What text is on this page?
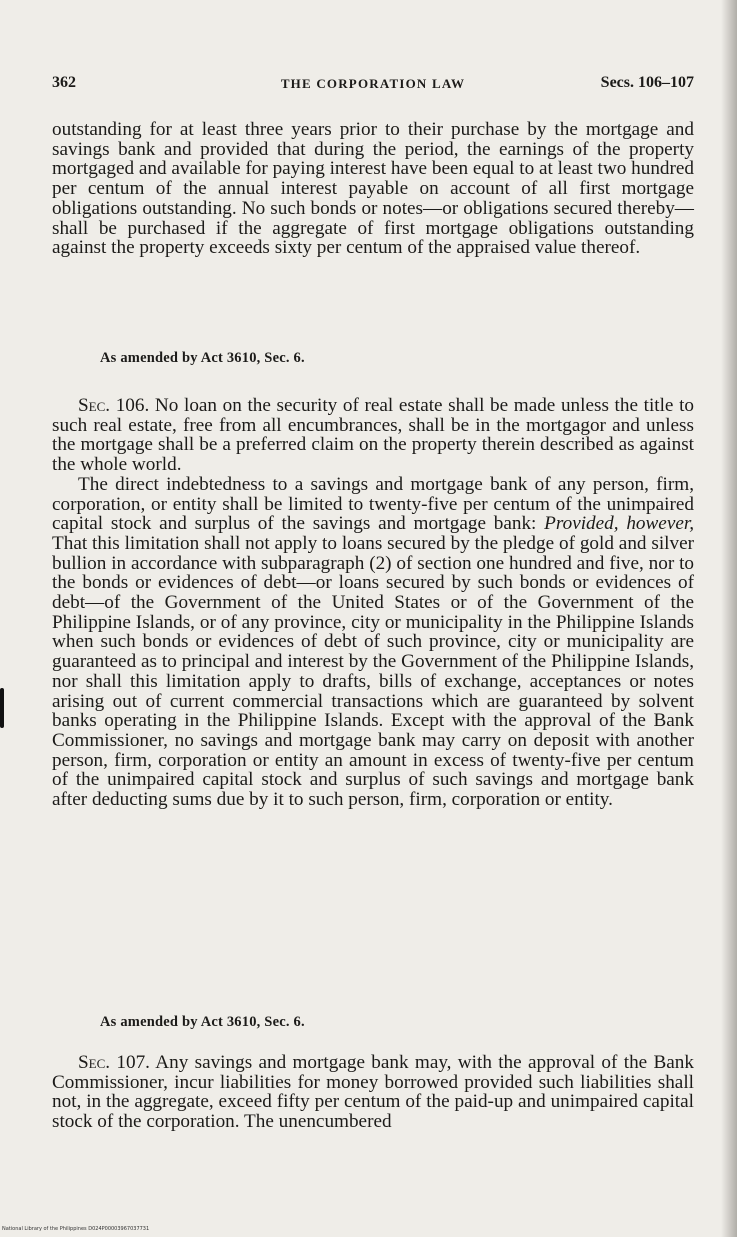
362	THE CORPORATION LAW	Secs. 106–107

outstanding for at least three years prior to their purchase by the mortgage and savings bank and provided that during the period, the earnings of the property mortgaged and available for paying interest have been equal to at least two hundred per centum of the annual interest payable on account of all first mortgage obligations outstanding. No such bonds or notes—or obligations secured thereby—shall be purchased if the aggregate of first mortgage obligations outstanding against the property exceeds sixty per centum of the appraised value thereof.

As amended by Act 3610, Sec. 6.

Sec. 106. No loan on the security of real estate shall be made unless the title to such real estate, free from all encumbrances, shall be in the mortgagor and unless the mortgage shall be a preferred claim on the property therein described as against the whole world.

The direct indebtedness to a savings and mortgage bank of any person, firm, corporation, or entity shall be limited to twenty-five per centum of the unimpaired capital stock and surplus of the savings and mortgage bank: Provided, however, That this limitation shall not apply to loans secured by the pledge of gold and silver bullion in accordance with subparagraph (2) of section one hundred and five, nor to the bonds or evidences of debt—or loans secured by such bonds or evidences of debt—of the Government of the United States or of the Government of the Philippine Islands, or of any province, city or municipality in the Philippine Islands when such bonds or evidences of debt of such province, city or municipality are guaranteed as to principal and interest by the Government of the Philippine Islands, nor shall this limitation apply to drafts, bills of exchange, acceptances or notes arising out of current commercial transactions which are guaranteed by solvent banks operating in the Philippine Islands. Except with the approval of the Bank Commissioner, no savings and mortgage bank may carry on deposit with another person, firm, corporation or entity an amount in excess of twenty-five per centum of the unimpaired capital stock and surplus of such savings and mortgage bank after deducting sums due by it to such person, firm, corporation or entity.

As amended by Act 3610, Sec. 6.

Sec. 107. Any savings and mortgage bank may, with the approval of the Bank Commissioner, incur liabilities for money borrowed provided such liabilities shall not, in the aggregate, exceed fifty per centum of the paid-up and unimpaired capital stock of the corporation. The unencumbered

National Library of the Philippines D024P00003967037731
